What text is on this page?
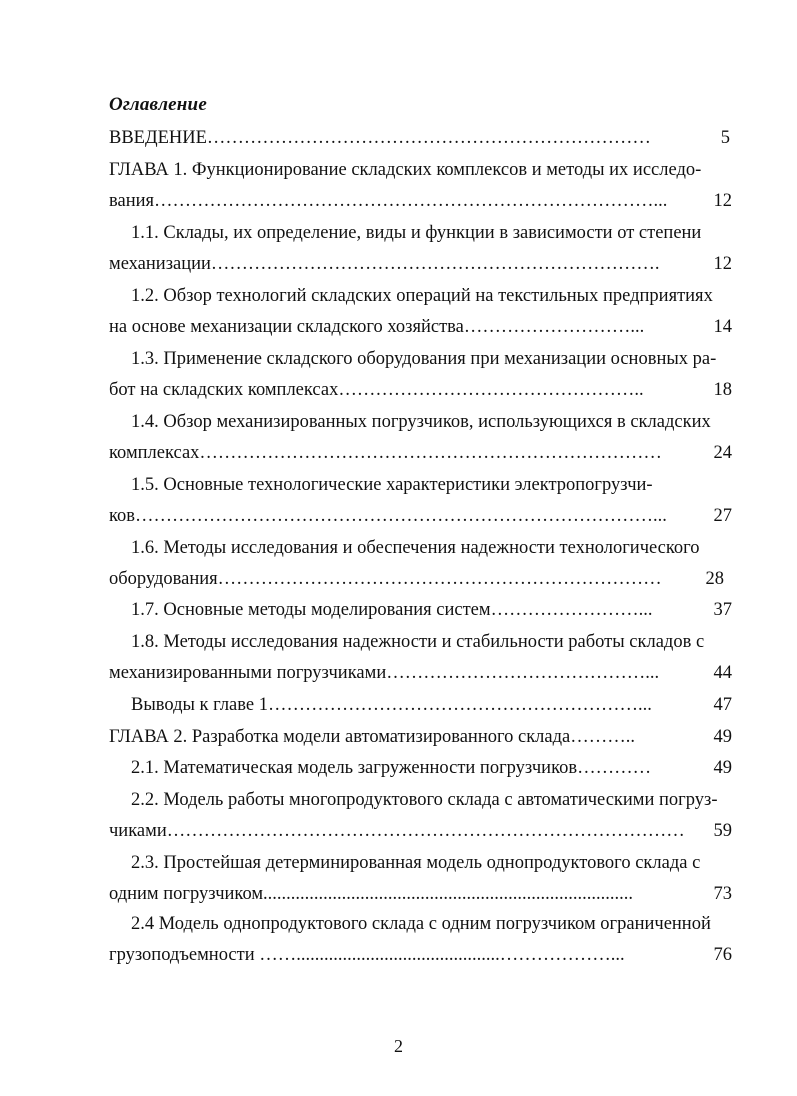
Оглавление
ВВЕДЕНИЕ………………………………………………………………	5
ГЛАВА 1. Функционирование складских комплексов и методы их исследо-
вания………………………………………………………………………...	12
1.1. Склады, их определение, виды и функции в зависимости от степени
механизации……………………………………………………………….	12
1.2. Обзор технологий складских операций на текстильных предприятиях
на основе механизации складского хозяйства………………………...	14
1.3. Применение складского оборудования при механизации основных ра-
бот на складских комплексах…………………………………………..	18
1.4. Обзор механизированных погрузчиков, использующихся в складских
комплексах…………………………………………………………………	24
1.5. Основные технологические характеристики электропогрузчи-
ков…………………………………………………………………………...	27
1.6. Методы исследования и обеспечения надежности технологического
оборудования………………………………………………………………	28
1.7. Основные методы моделирования систем……………………...	37
1.8. Методы исследования надежности и стабильности работы складов с
механизированными погрузчиками……………………………………...	44
Выводы к главе 1……………………………………………………...	47
ГЛАВА 2. Разработка модели автоматизированного склада………..	49
2.1. Математическая модель загруженности погрузчиков…………	49
2.2. Модель работы многопродуктового склада с автоматическими погруз-
чиками…………………………………………………………………………	59
2.3. Простейшая детерминированная модель однопродуктового склада с
одним погрузчиком................................................................................	73
2.4 Модель однопродуктового склада с одним погрузчиком ограниченной
грузоподъемности ……............................................………………...	76
2
